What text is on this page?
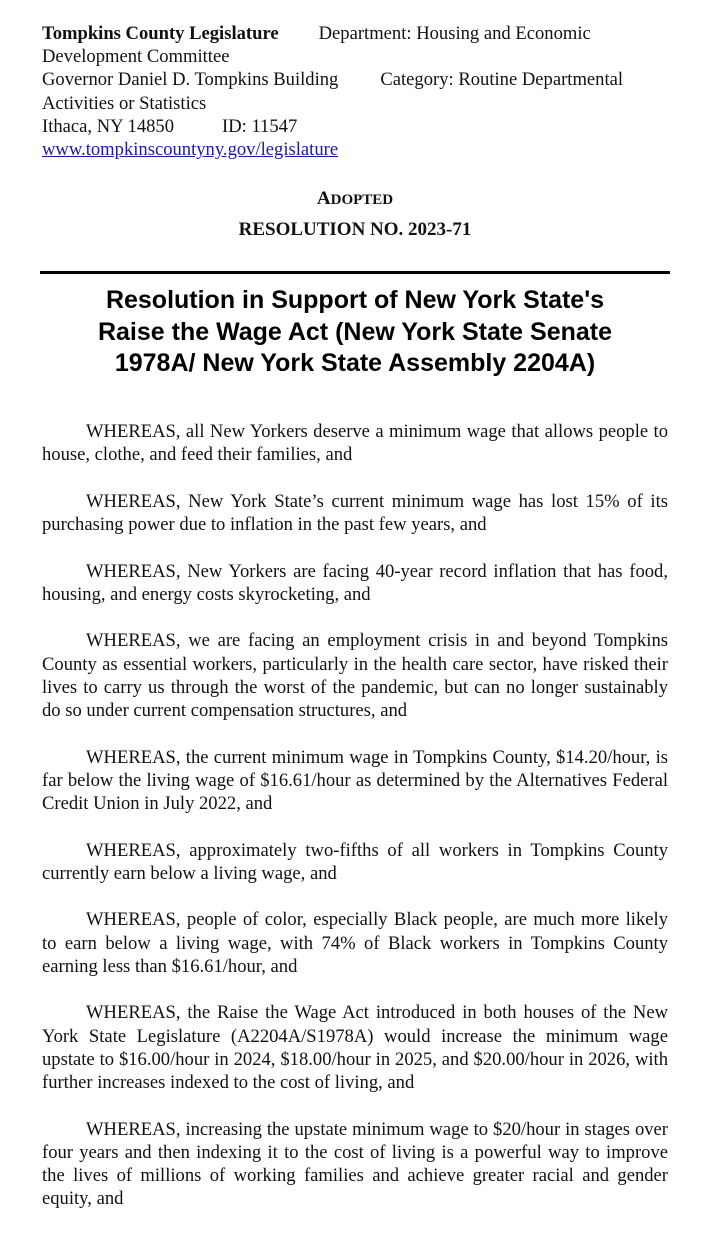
Tompkins County Legislature Department: Housing and Economic
Development Committee
Governor Daniel D. Tompkins Building Category: Routine Departmental
Activities or Statistics
Ithaca, NY 14850	ID: 11547
www.tompkinscountyny.gov/legislature
ADOPTED
RESOLUTION NO. 2023-71
Resolution in Support of New York State's
Raise the Wage Act (New York State Senate
1978A/ New York State Assembly 2204A)

WHEREAS, all New Yorkers deserve a minimum wage that allows people to house, clothe, and feed their families, and

WHEREAS, New York State’s current minimum wage has lost 15% of its purchasing power due to inflation in the past few years, and

WHEREAS, New Yorkers are facing 40-year record inflation that has food, housing, and energy costs skyrocketing, and

WHEREAS, we are facing an employment crisis in and beyond Tompkins County as essential workers, particularly in the health care sector, have risked their lives to carry us through the worst of the pandemic, but can no longer sustainably do so under current compensation structures, and

WHEREAS, the current minimum wage in Tompkins County, $14.20/hour, is far below the living wage of $16.61/hour as determined by the Alternatives Federal Credit Union in July 2022, and

WHEREAS, approximately two-fifths of all workers in Tompkins County currently earn below a living wage, and

WHEREAS, people of color, especially Black people, are much more likely to earn below a living wage, with 74% of Black workers in Tompkins County earning less than $16.61/hour, and

WHEREAS, the Raise the Wage Act introduced in both houses of the New York State Legislature (A2204A/S1978A) would increase the minimum wage upstate to $16.00/hour in 2024, $18.00/hour in 2025, and $20.00/hour in 2026, with further increases indexed to the cost of living, and

WHEREAS, increasing the upstate minimum wage to $20/hour in stages over four years and then indexing it to the cost of living is a powerful way to improve the lives of millions of working families and achieve greater racial and gender equity, and
